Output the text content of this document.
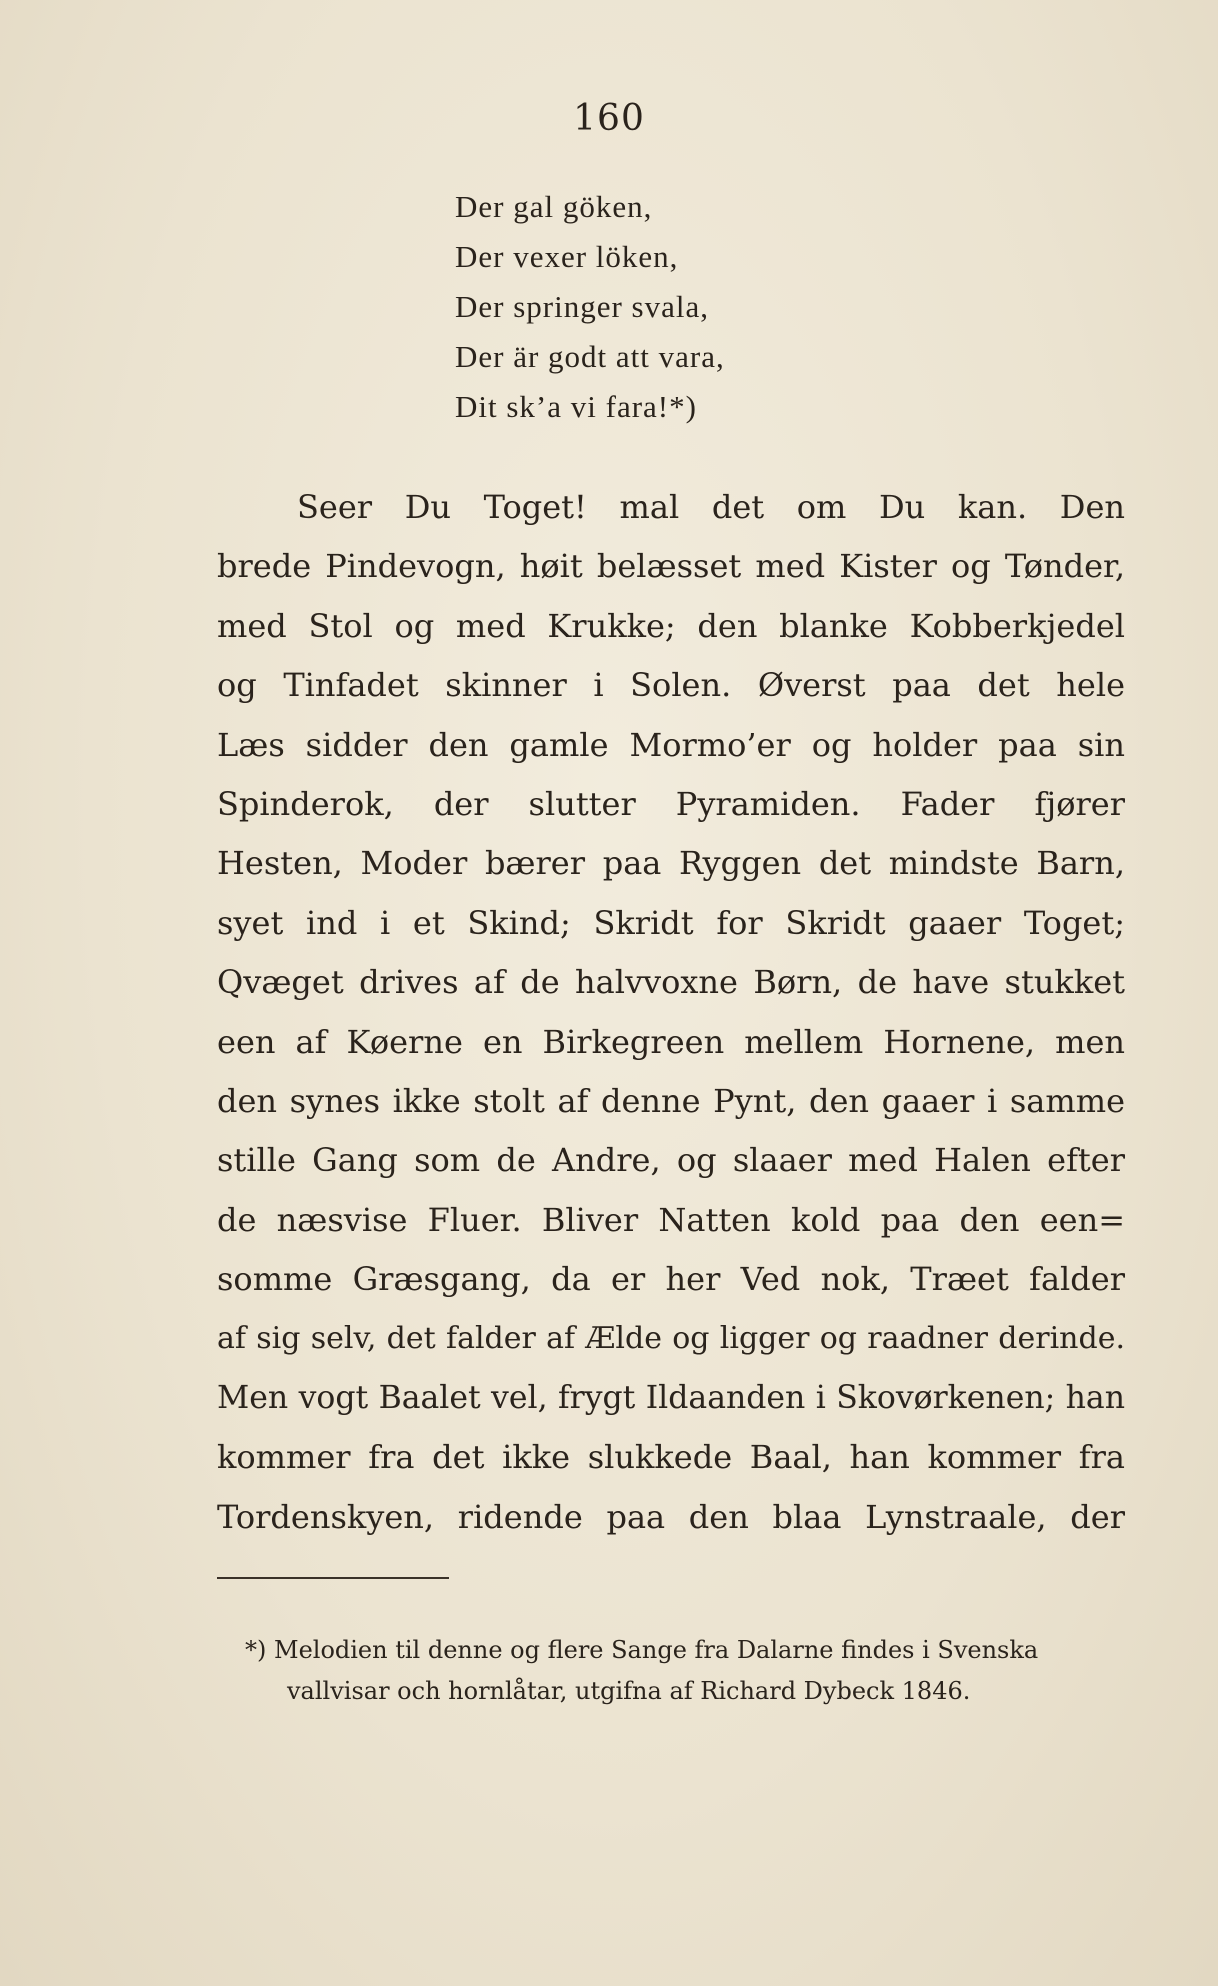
160
Der gal göken,
Der vexer löken,
Der springer svala,
Der är godt att vara,
Dit sk’a vi fara!*)
Seer Du Toget! mal det om Du kan. Den
brede Pindevogn, høit belæsset med Kister og Tønder,
med Stol og med Krukke; den blanke Kobberkjedel
og Tinfadet skinner i Solen. Øverst paa det hele
Læs sidder den gamle Mormo’er og holder paa sin
Spinderok, der slutter Pyramiden. Fader fjører
Hesten, Moder bærer paa Ryggen det mindste Barn,
syet ind i et Skind; Skridt for Skridt gaaer Toget;
Qvæget drives af de halvvoxne Børn, de have stukket
een af Køerne en Birkegreen mellem Hornene, men
den synes ikke stolt af denne Pynt, den gaaer i samme
stille Gang som de Andre, og slaaer med Halen efter
de næsvise Fluer. Bliver Natten kold paa den een=
somme Græsgang, da er her Ved nok, Træet falder
af sig selv, det falder af Ælde og ligger og raadner derinde.
Men vogt Baalet vel, frygt Ildaanden i Skovørkenen; han
kommer fra det ikke slukkede Baal, han kommer fra
Tordenskyen, ridende paa den blaa Lynstraale, der
*) Melodien til denne og flere Sange fra Dalarne findes i Svenska
vallvisar och hornlåtar, utgifna af Richard Dybeck 1846.
